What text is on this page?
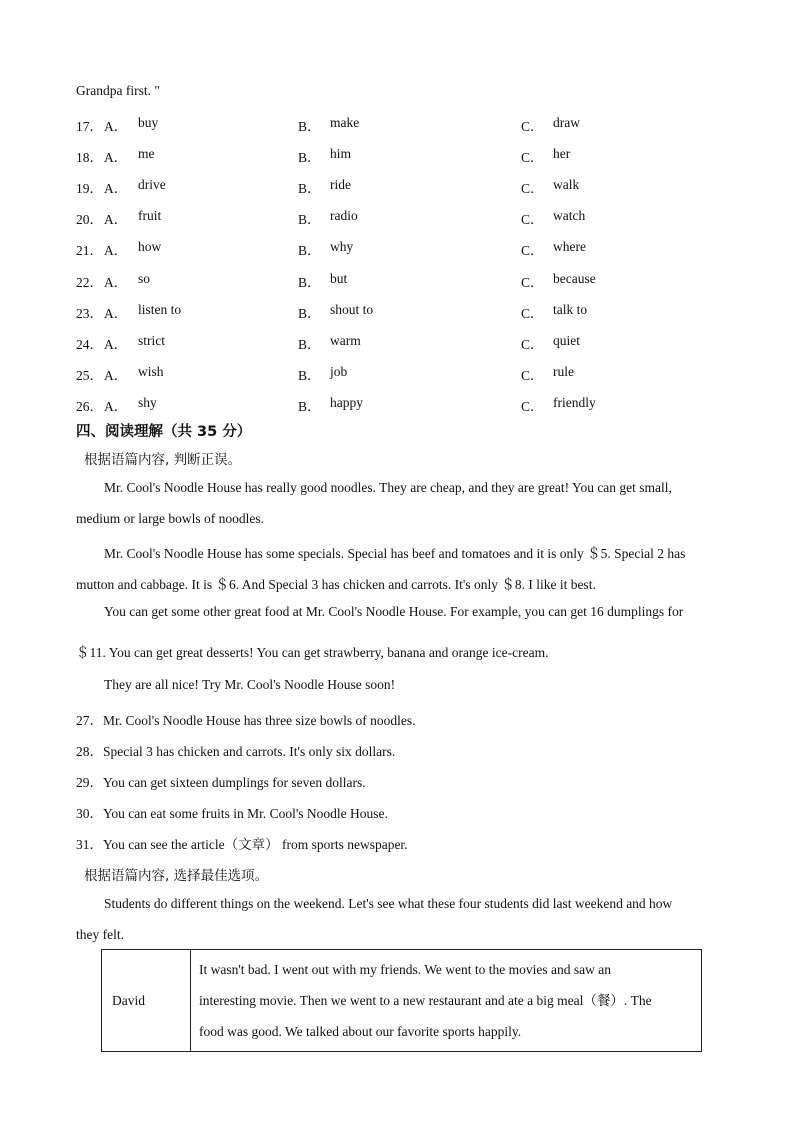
Grandpa first. "
17． A． buy	B． make	C． draw
18． A． me	B． him	C． her
19． A． drive	B． ride	C． walk
20． A． fruit	B． radio	C． watch
21． A． how	B． why	C． where
22． A． so	B． but	C． because
23． A． listen to	B． shout to	C． talk to
24． A． strict	B． warm	C． quiet
25． A． wish	B． job	C． rule
26． A． shy	B． happy	C． friendly
四、阅读理解（共 35 分）
根据语篇内容, 判断正误。
Mr. Cool's Noodle House has really good noodles. They are cheap, and they are great! You can get small,
medium or large bowls of noodles.
Mr. Cool's Noodle House has some specials. Special has beef and tomatoes and it is only ＄5. Special 2 has
mutton and cabbage. It is ＄6. And Special 3 has chicken and carrots. It's only ＄8. I like it best.
You can get some other great food at Mr. Cool's Noodle House. For example, you can get 16 dumplings for
＄11. You can get great desserts! You can get strawberry, banana and orange ice-cream.
They are all nice! Try Mr. Cool's Noodle House soon!
27．Mr. Cool's Noodle House has three size bowls of noodles.
28．Special 3 has chicken and carrots. It's only six dollars.
29．You can get sixteen dumplings for seven dollars.
30．You can eat some fruits in Mr. Cool's Noodle House.
31．You can see the article（文章） from sports newspaper.
根据语篇内容, 选择最佳选项。
Students do different things on the weekend. Let's see what these four students did last weekend and how
they felt.
David	
It wasn't bad. I went out with my friends. We went to the movies and saw an
interesting movie. Then we went to a new restaurant and ate a big meal（餐）. The
food was good. We talked about our favorite sports happily.
